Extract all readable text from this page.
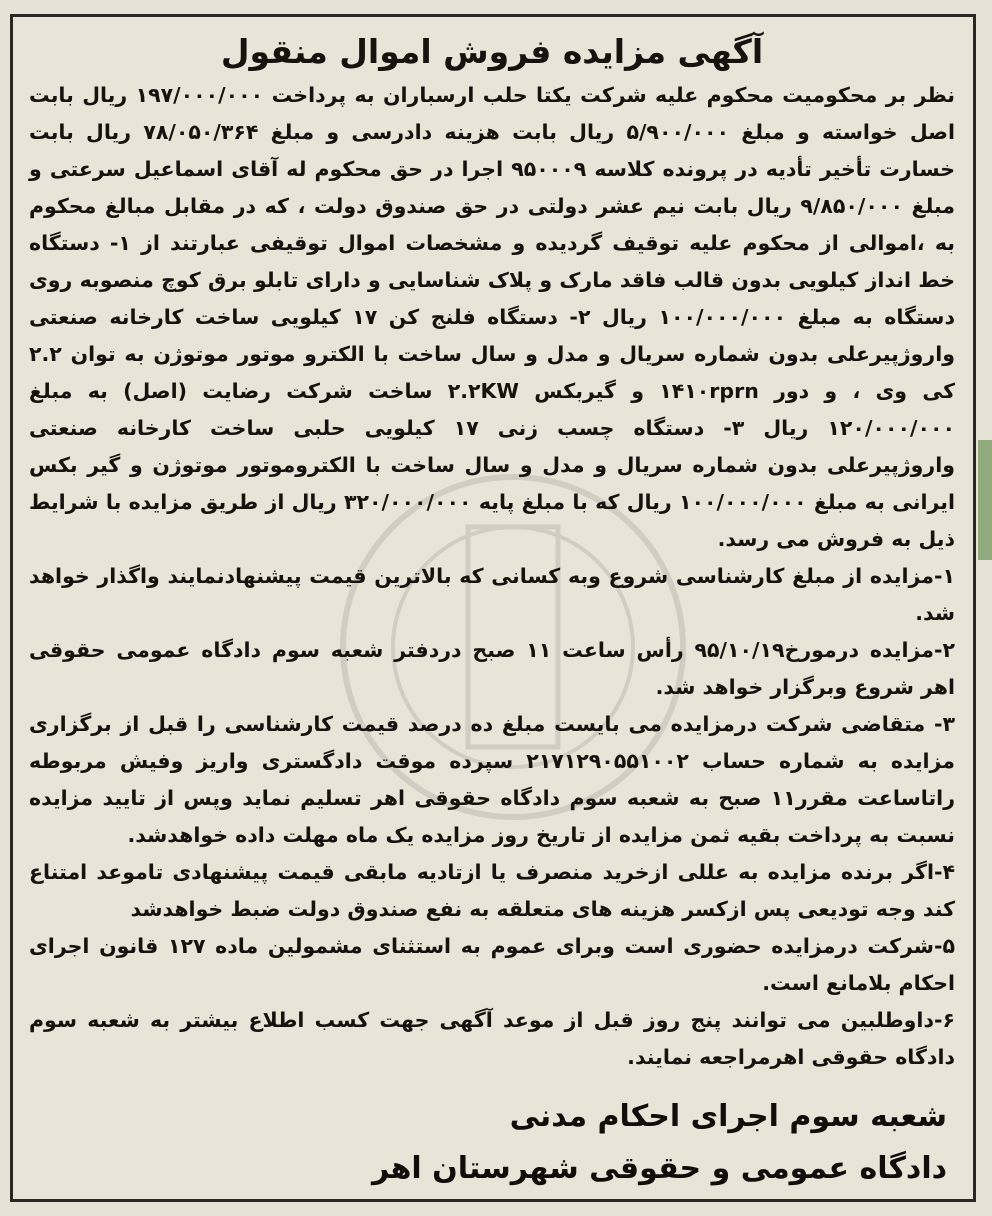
آگهی مزایده فروش اموال منقول

نظر بر محکومیت محکوم علیه شرکت یکتا حلب ارسباران به پرداخت ۱۹۷/۰۰۰/۰۰۰ ریال بابت اصل خواسته و مبلغ ۵/۹۰۰/۰۰۰ ریال بابت هزینه دادرسی و مبلغ ۷۸/۰۵۰/۳۶۴ ریال بابت خسارت تأخیر تأدیه در پرونده کلاسه ۹۵۰۰۰۹ اجرا در حق محکوم له آقای اسماعیل سرعتی و مبلغ ۹/۸۵۰/۰۰۰ ریال بابت نیم عشر دولتی در حق صندوق دولت ، که در مقابل مبالغ محکوم به ،اموالی از محکوم علیه توقیف گردیده و مشخصات اموال توقیفی عبارتند از ۱- دستگاه خط انداز کیلویی بدون قالب فاقد مارک و پلاک شناسایی و دارای تابلو برق کوچ منصوبه روی دستگاه به مبلغ ۱۰۰/۰۰۰/۰۰۰ ریال ۲- دستگاه فلنج کن ۱۷ کیلویی ساخت کارخانه صنعتی واروژپیرعلی بدون شماره سریال و مدل و سال ساخت با الکترو موتور موتوژن به توان ۲.۲ کی وی ، و دور ۱۴۱۰rprn و گیربکس ۲.۲KW ساخت شرکت رضایت (اصل) به مبلغ ۱۲۰/۰۰۰/۰۰۰ ریال ۳- دستگاه چسب زنی ۱۷ کیلویی حلبی ساخت کارخانه صنعتی واروژپیرعلی بدون شماره سریال و مدل و سال ساخت با الکتروموتور موتوژن و گیر بکس ایرانی به مبلغ ۱۰۰/۰۰۰/۰۰۰ ریال که با مبلغ پایه ۳۲۰/۰۰۰/۰۰۰ ریال از طریق مزایده با شرایط ذیل به فروش می رسد.

۱-مزایده از مبلغ کارشناسی شروع وبه کسانی که بالاترین قیمت پیشنهادنمایند واگذار خواهد شد.

۲-مزایده درمورخ۹۵/۱۰/۱۹ رأس ساعت ۱۱ صبح دردفتر شعبه سوم دادگاه عمومی حقوقی اهر شروع وبرگزار خواهد شد.

۳- متقاضی شرکت درمزایده می بایست مبلغ ده درصد قیمت کارشناسی را قبل از برگزاری مزایده به شماره حساب ۲۱۷۱۲۹۰۵۵۱۰۰۲ سپرده موقت دادگستری واریز وفیش مربوطه راتاساعت مقرر۱۱ صبح به شعبه سوم دادگاه حقوقی اهر تسلیم نماید وپس از تایید مزایده نسبت به پرداخت بقیه ثمن مزایده از تاریخ روز مزایده یک ماه مهلت داده خواهدشد.

۴-اگر برنده مزایده به عللی ازخرید منصرف یا ازتادیه مابقی قیمت پیشنهادی تاموعد امتناع کند وجه تودیعی پس ازکسر هزینه های متعلقه به نفع صندوق دولت ضبط خواهدشد

۵-شرکت درمزایده حضوری است وبرای عموم به استثنای مشمولین ماده ۱۲۷ قانون اجرای احکام بلامانع است.

۶-داوطلبین می توانند پنج روز قبل از موعد آگهی جهت کسب اطلاع بیشتر به شعبه سوم دادگاه حقوقی اهرمراجعه نمایند.

شعبه سوم اجرای احکام مدنی

دادگاه عمومی و حقوقی شهرستان اهر
